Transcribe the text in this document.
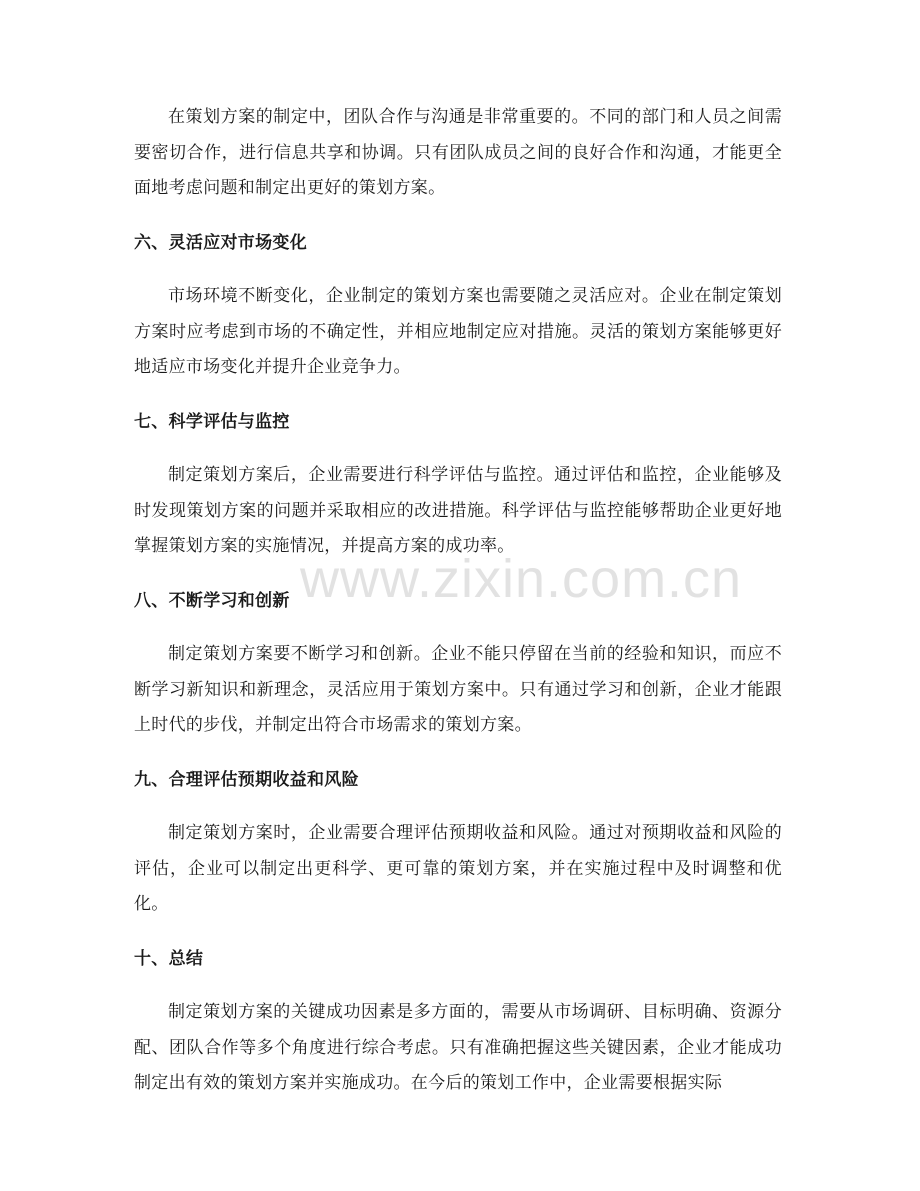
www.zixin.com.cn

在策划方案的制定中，团队合作与沟通是非常重要的。不同的部门和人员之间需要密切合作，进行信息共享和协调。只有团队成员之间的良好合作和沟通，才能更全面地考虑问题和制定出更好的策划方案。

六、灵活应对市场变化

市场环境不断变化，企业制定的策划方案也需要随之灵活应对。企业在制定策划方案时应考虑到市场的不确定性，并相应地制定应对措施。灵活的策划方案能够更好地适应市场变化并提升企业竞争力。

七、科学评估与监控

制定策划方案后，企业需要进行科学评估与监控。通过评估和监控，企业能够及时发现策划方案的问题并采取相应的改进措施。科学评估与监控能够帮助企业更好地掌握策划方案的实施情况，并提高方案的成功率。

八、不断学习和创新

制定策划方案要不断学习和创新。企业不能只停留在当前的经验和知识，而应不断学习新知识和新理念，灵活应用于策划方案中。只有通过学习和创新，企业才能跟上时代的步伐，并制定出符合市场需求的策划方案。

九、合理评估预期收益和风险

制定策划方案时，企业需要合理评估预期收益和风险。通过对预期收益和风险的评估，企业可以制定出更科学、更可靠的策划方案，并在实施过程中及时调整和优化。

十、总结

制定策划方案的关键成功因素是多方面的，需要从市场调研、目标明确、资源分配、团队合作等多个角度进行综合考虑。只有准确把握这些关键因素，企业才能成功制定出有效的策划方案并实施成功。在今后的策划工作中，企业需要根据实际
